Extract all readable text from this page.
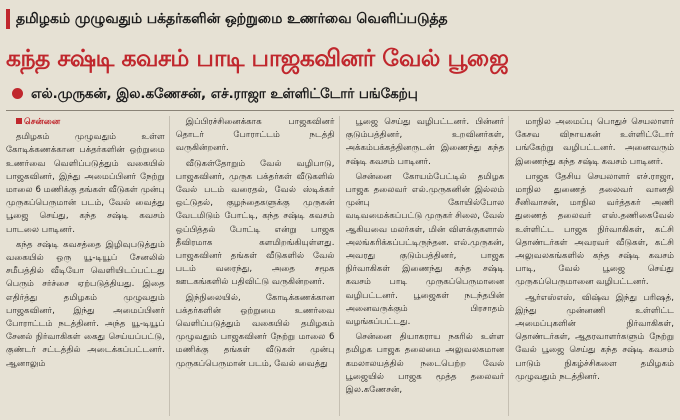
தமிழகம் முழுவதும் பக்தர்களின் ஒற்றுமை உணர்வை வெளிப்படுத்த
கந்த சஷ்டி கவசம் பாடி பாஜகவினர் வேல் பூஜை
எல்.முருகன், இல.கணேசன், எச்.ராஜா உள்ளிட்டோர் பங்கேற்பு

சென்னை

தமிழகம் முழுவதும் உள்ள கோடிக்கணக்கான பக்தர்களின் ஒற்றுமை உணர்வை வெளிப்படுத்தும் வகையில் பாஜகவினர், இந்து அமைப்பினர் நேற்று மாலை 6 மணிக்கு தங்கள் வீடுகள் முன்பு முருகப்பெருமான் படம், வேல் வைத்து பூஜை செய்து, கந்த சஷ்டி கவசம் பாடலை பாடினர்.

கந்த சஷ்டி கவசத்தை இழிவுபடுத்தும் வகையில் ஒரு யூ-டியூப் சேனலில் சமீபத்தில் வீடியோ வெளியிடப்பட்டது பெரும் சர்ச்சை ஏற்படுத்தியது. இதை எதிர்த்து தமிழகம் முழுவதும் பாஜகவினர், இந்து அமைப்பினர் போராட்டம் நடத்தினர். அந்த யூ-டியூப் சேனல் நிர்வாகிகள் கைது செய்யப்பட்டு, குண்டர் சட்டத்தில் அடைக்கப்பட்டனர். ஆனாலும்

இப்பிரச்சினைக்காக பாஜகவினர் தொடர் போராட்டம் நடத்தி வருகின்றனர்.

வீடுகள்தோறும் வேல் வழிபாடு, பாஜகவினர், முருக பக்தர்கள் வீடுகளில் வேல் படம் வரைதல், வேல் ஸ்டிக்கர் ஒட்டுதல், குழந்தைகளுக்கு முருகன் வேடமிடும் போட்டி, கந்த சஷ்டி கவசம் ஒப்பித்தல் போட்டி என்று பாஜக தீவிரமாக களமிறங்கியுள்ளது. பாஜகவினர் தங்கள் வீடுகளில் வேல் படம் வரைந்து, அதை சமூக ஊடகங்களில் பதிவிட்டு வருகின்றனர்.

இந்நிலையில், கோடிக்கணக்கான பக்தர்களின் ஒற்றுமை உணர்வை வெளிப்படுத்தும் வகையில் தமிழகம் முழுவதும் பாஜகவினர் நேற்று மாலை 6 மணிக்கு தங்கள் வீடுகள் முன்பு முருகப்பெருமான் படம், வேல் வைத்து

பூஜை செய்து வழிபட்டனர். பின்னர் குடும்பத்தினர், உறவினர்கள், அக்கம்பக்கத்தினருடன் இணைந்து கந்த சஷ்டி கவசம் பாடினர்.

சென்னை கோயம்பேட்டில் தமிழக பாஜக தலைவர் எல்.முருகனின் இல்லம் முன்பு கோயில்போல வடிவமைக்கப்பட்டு முருகர் சிலை, வேல் ஆகியவை மலர்கள், மின் விளக்குகளால் அலங்கரிக்கப்பட்டிருந்தன. எல்.முருகன், அவரது குடும்பத்தினர், பாஜக நிர்வாகிகள் இணைந்து கந்த சஷ்டி கவசம் பாடி முருகப்பெருமானை வழிபட்டனர். பூஜைகள் நடந்தபின் அனைவருக்கும் பிரசாதம் வழங்கப்பட்டது.

சென்னை தியாகராய நகரில் உள்ள தமிழக பாஜக தலைமை அலுவலகமான கமலாலயத்தில் நடைபெற்ற வேல் பூஜையில் பாஜக மூத்த தலைவர் இல.கணேசன்,

மாநில அமைப்பு பொதுச் செயலாளர் கேசவ விநாயகன் உள்ளிட்டோர் பங்கேற்று வழிபட்டனர். அனைவரும் இணைந்து கந்த சஷ்டி கவசம் பாடினர்.

பாஜக தேசிய செயலாளர் எச்.ராஜா, மாநில துணைத் தலைவர் வானதி சீனிவாசன், மாநில வர்த்தகர் அணி துணைத் தலைவர் எஸ்.தணிகைவேல் உள்ளிட்ட பாஜக நிர்வாகிகள், கட்சி தொண்டர்கள் அவரவர் வீடுகள், கட்சி அலுவலகங்களில் கந்த சஷ்டி கவசம் பாடி, வேல் பூஜை செய்து முருகப்பெருமானை வழிபட்டனர்.

ஆர்எஸ்எஸ், விஷ்வ இந்து பரிஷத், இந்து முன்னணி உள்ளிட்ட அமைப்புகளின் நிர்வாகிகள், தொண்டர்கள், ஆதரவாளர்களும் நேற்று வேல் பூஜை செய்து கந்த சஷ்டி கவசம் பாடும் நிகழ்ச்சிகளை தமிழகம் முழுவதும் நடத்தினர்.
